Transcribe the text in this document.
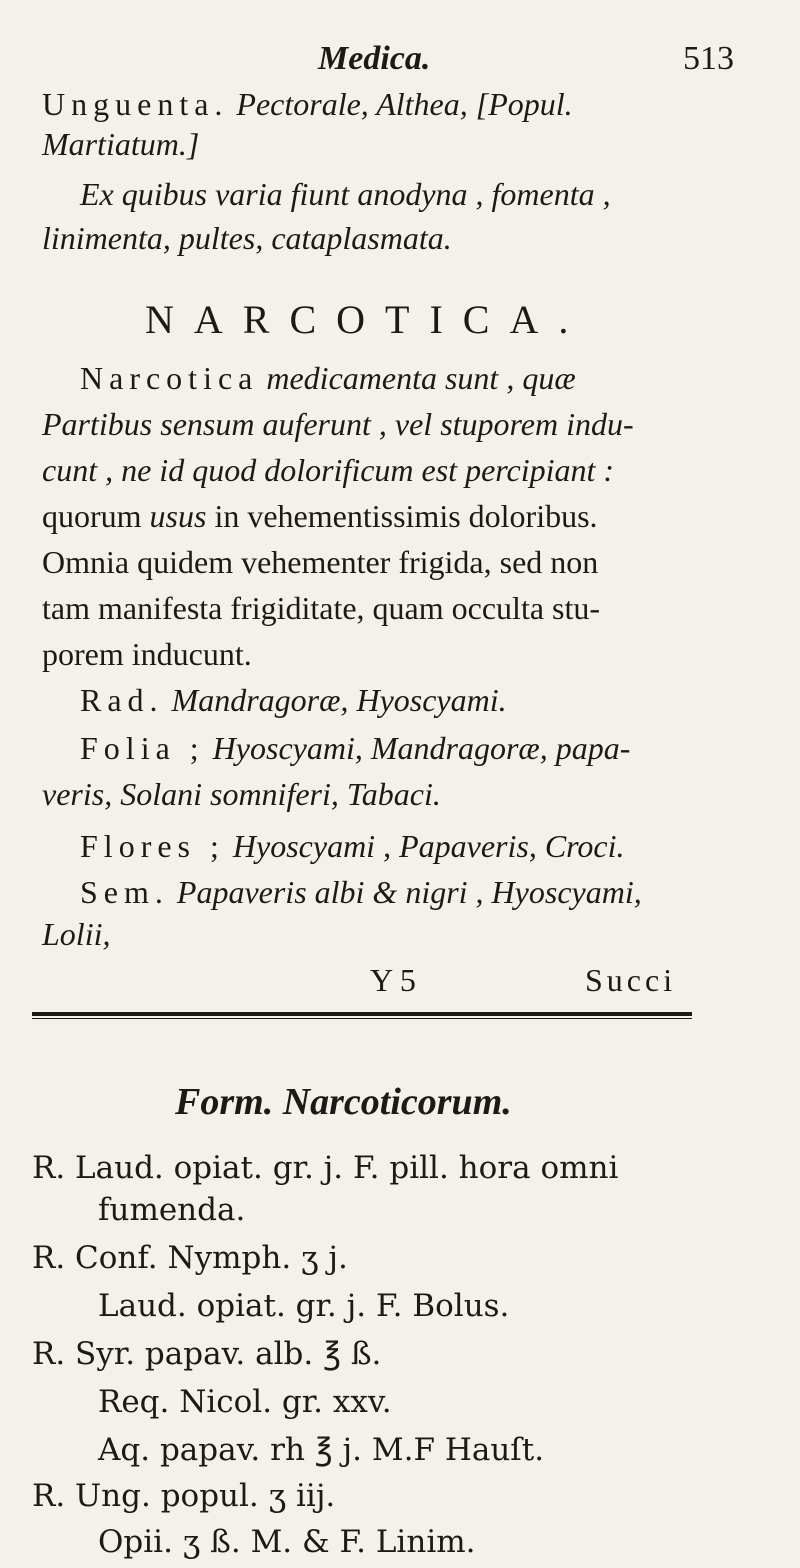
Medica.	513
Unguenta. Pectorale, Althea, [Popul.
Martiatum.]
Ex quibus varia fiunt anodyna , fomenta ,
linimenta, pultes, cataplasmata.
NARCOTICA.
Narcotica medicamenta sunt , quæ
Partibus sensum auferunt , vel stuporem indu-
cunt , ne id quod dolorificum est percipiant :
quorum usus in vehementissimis doloribus.
Omnia quidem vehementer frigida, sed non
tam manifesta frigiditate, quam occulta stu-
porem inducunt.
Rad. Mandragoræ, Hyoscyami.
Folia ; Hyoscyami, Mandragoræ, papa-
veris, Solani somniferi, Tabaci.
Flores ; Hyoscyami , Papaveris, Croci.
Sem. Papaveris albi & nigri , Hyoscyami,
Lolii,
Y 5	Succi
Form. Narcoticorum.
R. Laud. opiat. gr. j. F. pill. hora omni
fumenda.
R. Conf. Nymph. ʒ j.
Laud. opiat. gr. j. F. Bolus.
R. Syr. papav. alb. ℥ ß.
Req. Nicol. gr. xxv.
Aq. papav. rh ℥ j. M.F Hauſt.
R. Ung. popul. ʒ iij.
Opii. ʒ ß. M. & F. Linim.
